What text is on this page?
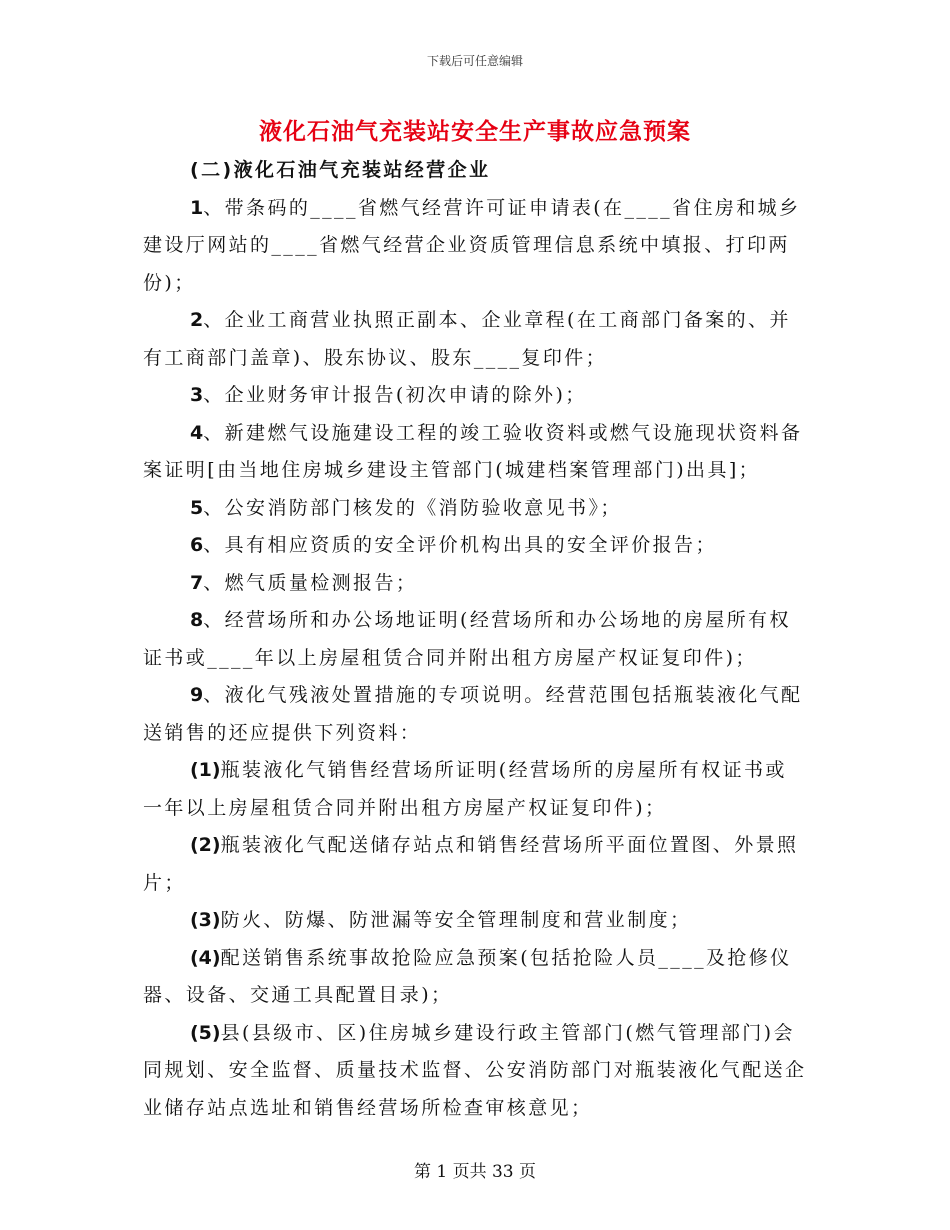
下载后可任意编辑
液化石油气充装站安全生产事故应急预案
(二)液化石油气充装站经营企业

1、带条码的____省燃气经营许可证申请表(在____省住房和城乡建设厅网站的____省燃气经营企业资质管理信息系统中填报、打印两份)；

2、企业工商营业执照正副本、企业章程(在工商部门备案的、并有工商部门盖章)、股东协议、股东____复印件；

3、企业财务审计报告(初次申请的除外)；

4、新建燃气设施建设工程的竣工验收资料或燃气设施现状资料备案证明[由当地住房城乡建设主管部门(城建档案管理部门)出具]；

5、公安消防部门核发的《消防验收意见书》；

6、具有相应资质的安全评价机构出具的安全评价报告；

7、燃气质量检测报告；

8、经营场所和办公场地证明(经营场所和办公场地的房屋所有权证书或____年以上房屋租赁合同并附出租方房屋产权证复印件)；

9、液化气残液处置措施的专项说明。经营范围包括瓶装液化气配送销售的还应提供下列资料：

(1)瓶装液化气销售经营场所证明(经营场所的房屋所有权证书或一年以上房屋租赁合同并附出租方房屋产权证复印件)；

(2)瓶装液化气配送储存站点和销售经营场所平面位置图、外景照片；

(3)防火、防爆、防泄漏等安全管理制度和营业制度；

(4)配送销售系统事故抢险应急预案(包括抢险人员____及抢修仪器、设备、交通工具配置目录)；

(5)县(县级市、区)住房城乡建设行政主管部门(燃气管理部门)会同规划、安全监督、质量技术监督、公安消防部门对瓶装液化气配送企业储存站点选址和销售经营场所检查审核意见；

第 1 页共 33 页
